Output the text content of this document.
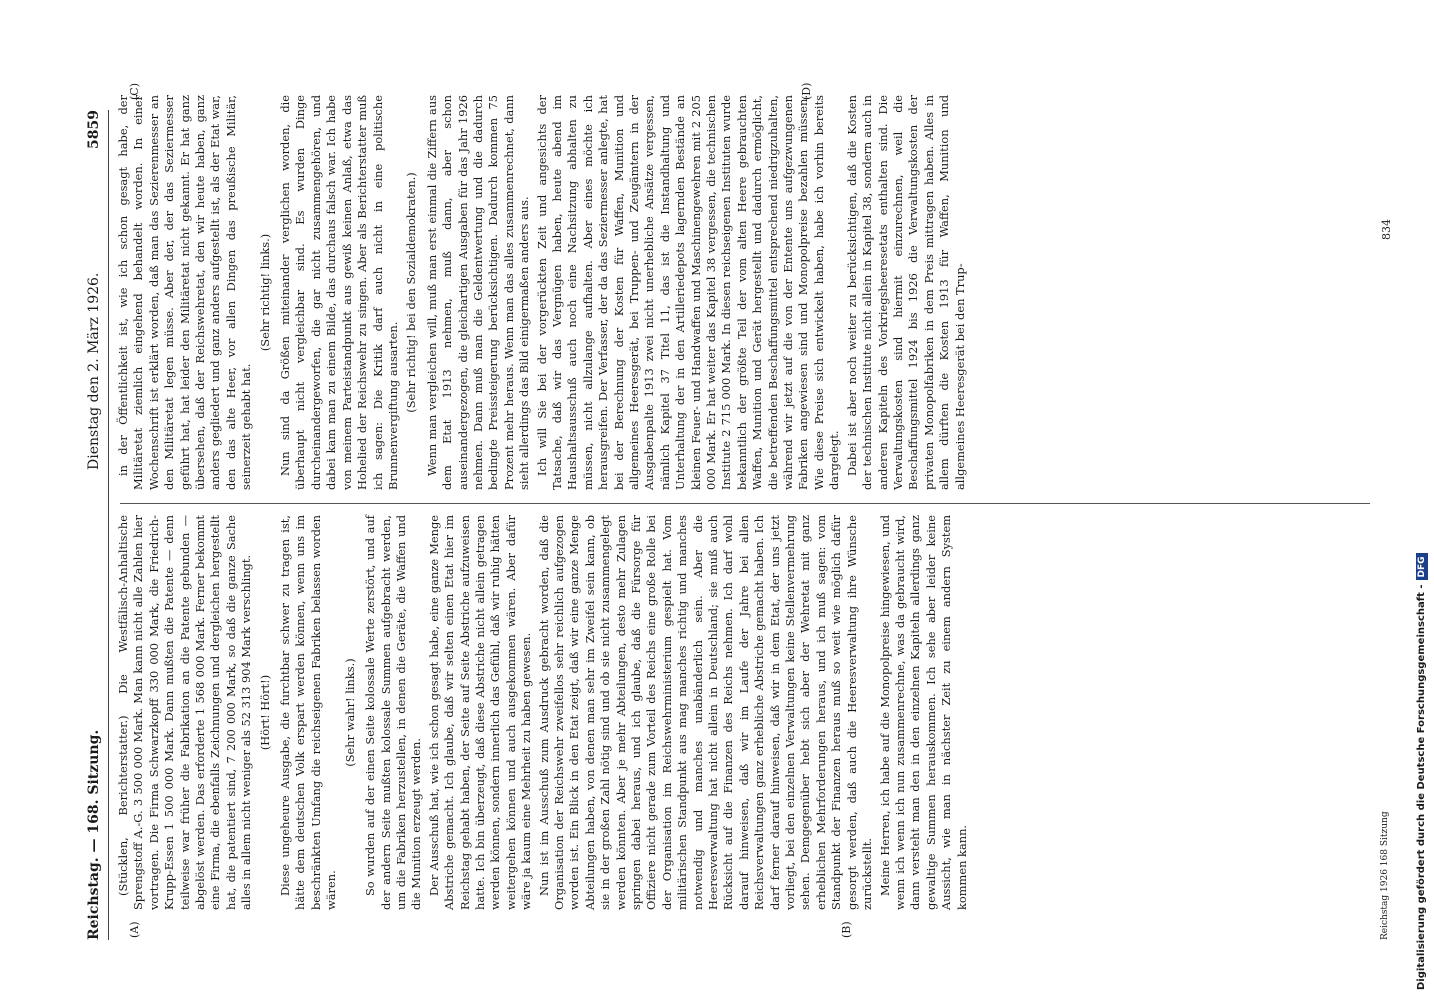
Reichstag. — 168. Sitzung.
Dienstag den 2. März 1926.
5859
(A)	(B)
(C)	(D)

(Stücklen, Berichterstatter.) Die Westfälisch-Anhaltische Sprengstoff A.-G. 3 500 000 Mark. Man kann nicht alle Zahlen hier vortragen. Die Firma Schwarzkopff 330 000 Mark, die Friedrich-Krupp-Essen 1 500 000 Mark. Dann mußten die Patente — denn teilweise war früher die Fabrikation an die Patente gebunden — abgelöst werden. Das erforderte 1 568 000 Mark. Ferner bekommt eine Firma, die ebenfalls Zeichnungen und dergleichen hergestellt hat, die patentiert sind, 7 200 000 Mark, so daß die ganze Sache alles in allem nicht weniger als 52 313 904 Mark verschlingt. (Hört! Hört!) Diese ungeheure Ausgabe, die furchtbar schwer zu tragen ist, hätte dem deutschen Volk erspart werden können, wenn uns im beschränkten Umfang die reichseigenen Fabriken belassen worden wären.

(Sehr wahr! links.) So wurden auf der einen Seite kolossale Werte zerstört, und auf der andern Seite mußten kolossale Summen aufgebracht werden, um die Fabriken herzustellen, in denen die Geräte, die Waffen und die Munition erzeugt werden. Der Ausschuß hat, wie ich schon gesagt habe, eine ganze Menge Abstriche gemacht. Ich glaube, daß wir selten einen Etat hier im Reichstag gehabt haben, der Seite auf Seite Abstriche aufzuweisen hatte. Ich bin überzeugt, daß diese Abstriche nicht allein getragen werden können, sondern innerlich das Gefühl, daß wir ruhig hätten weitergehen können und auch ausgekommen wären. Aber dafür wäre ja kaum eine Mehrheit zu haben gewesen. Nun ist im Ausschuß zum Ausdruck gebracht worden, daß die Organisation der Reichswehr zweifellos sehr reichlich aufgezogen worden ist. Ein Blick in den Etat zeigt, daß wir eine ganze Menge Abteilungen haben, von denen man sehr im Zweifel sein kann, ob sie in der großen Zahl nötig sind und ob sie nicht zusammengelegt werden könnten. Aber je mehr Abteilungen, desto mehr Zulagen springen dabei heraus, und ich glaube, daß die Fürsorge für Offiziere nicht gerade zum Vorteil des Reichs eine große Rolle bei der Organisation im Reichswehrministerium gespielt hat. Vom militärischen Standpunkt aus mag manches richtig und manches notwendig und manches unabänderlich sein. Aber die Heeresverwaltung hat nicht allein in Deutschland; sie muß auch Rücksicht auf die Finanzen des Reichs nehmen. Ich darf wohl darauf hinweisen, daß wir im Laufe der Jahre bei allen Reichsverwaltungen ganz erhebliche Abstriche gemacht haben. Ich darf ferner darauf hinweisen, daß wir in dem Etat, der uns jetzt vorliegt, bei den einzelnen Verwaltungen keine Stellenvermehrung sehen. Demgegenüber hebt sich aber der Wehretat mit ganz erheblichen Mehrforderungen heraus, und ich muß sagen: vom Standpunkt der Finanzen heraus muß so weit wie möglich dafür gesorgt werden, daß auch die Heeresverwaltung ihre Wünsche zurückstellt. Meine Herren, ich habe auf die Monopolpreise hingewiesen, und wenn ich wenn ich nun zusammenrechne, was da gebraucht wird, dann versteht man den in den einzelnen Kapiteln allerdings ganz gewaltige Summen herauskommen. Ich sehe aber leider keine Aussicht, wie man in nächster Zeit zu einem andern System kommen kann.

in der Öffentlichkeit ist, wie ich schon gesagt habe, der Militäretat ziemlich eingehend behandelt worden. In einer Wochenschrift ist erklärt worden, daß man das Sezierenmesser an den Militäretat legen müsse. Aber der, der das Seziermesser geführt hat, hat leider den Militäretat nicht gekannt. Er hat ganz übersehen, daß der Reichswehretat, den wir heute haben, ganz anders gegliedert und ganz anders aufgestellt ist, als der Etat war, den das alte Heer, vor allen Dingen das preußische Militär, seinerzeit gehabt hat.

(Sehr richtig! links.) Nun sind da Größen miteinander verglichen worden, die überhaupt nicht vergleichbar sind. Es wurden Dinge durcheinandergeworfen, die gar nicht zusammengehören, und dabei kam man zu einem Bilde, das durchaus falsch war. Ich habe von meinem Parteistandpunkt aus gewiß keinen Anlaß, etwa das Hohelied der Reichswehr zu singen. Aber als Berichterstatter muß ich sagen: Die Kritik darf auch nicht in eine politische Brunnenvergiftung ausarten. (Sehr richtig! bei den Sozialdemokraten.) Wenn man vergleichen will, muß man erst einmal die Ziffern aus dem Etat 1913 nehmen, muß dann, aber schon auseinandergezogen, die gleichartigen Ausgaben für das Jahr 1926 nehmen. Dann muß man die Geldentwertung und die dadurch bedingte Preissteigerung berücksichtigen. Dadurch kommen 75 Prozent mehr heraus. Wenn man das alles zusammenrechnet, dann sieht allerdings das Bild einigermaßen anders aus. Ich will Sie bei der vorgerückten Zeit und angesichts der Tatsache, daß wir das Vergnügen haben, heute abend im Haushaltsausschuß auch noch eine Nachsitzung abhalten zu müssen, nicht allzulange aufhalten. Aber eines möchte ich herausgreifen. Der Verfasser, der da das Seziermesser anlegte, hat bei der Berechnung der Kosten für Waffen, Munition und allgemeines Heeresgerät, bei Truppen- und Zeugämtern in der Ausgabenpalte 1913 zwei nicht unerhebliche Ansätze vergessen, nämlich Kapitel 37 Titel 11, das ist die Instandhaltung und Unterhaltung der in den Artilleriedepots lagernden Bestände an kleinen Feuer- und Handwaffen und Maschinengewehren mit 2 205 000 Mark. Er hat weiter das Kapitel 38 vergessen, die technischen Institute 2 715 000 Mark. In diesen reichseigenen Instituten wurde bekanntlich der größte Teil der vom alten Heere gebrauchten Waffen, Munition und Gerät hergestellt und dadurch ermöglicht, die betreffenden Beschaffungsmittel entsprechend niedrigzuhalten, während wir jetzt auf die von der Entente uns aufgezwungenen Fabriken angewiesen sind und Monopolpreise bezahlen müssen. Wie diese Preise sich entwickelt haben, habe ich vorhin bereits dargelegt. Dabei ist aber noch weiter zu berücksichtigen, daß die Kosten der technischen Institute nicht allein in Kapitel 38, sondern auch in anderen Kapiteln des Vorkriegsheeresetats enthalten sind. Die Verwaltungskosten sind hiermit einzurechnen, weil die Beschaffungsmittel 1924 bis 1926 die Verwaltungskosten der privaten Monopolfabriken in dem Preis mittragen haben. Alles in allem dürften die Kosten 1913 für Waffen, Munition und allgemeines Heeresgerät bei den Trup-

Reichstag 1926 168 Sitzung
834
Digitalisierung gefördert durch die Deutsche Forschungsgemeinschaft -DFG
